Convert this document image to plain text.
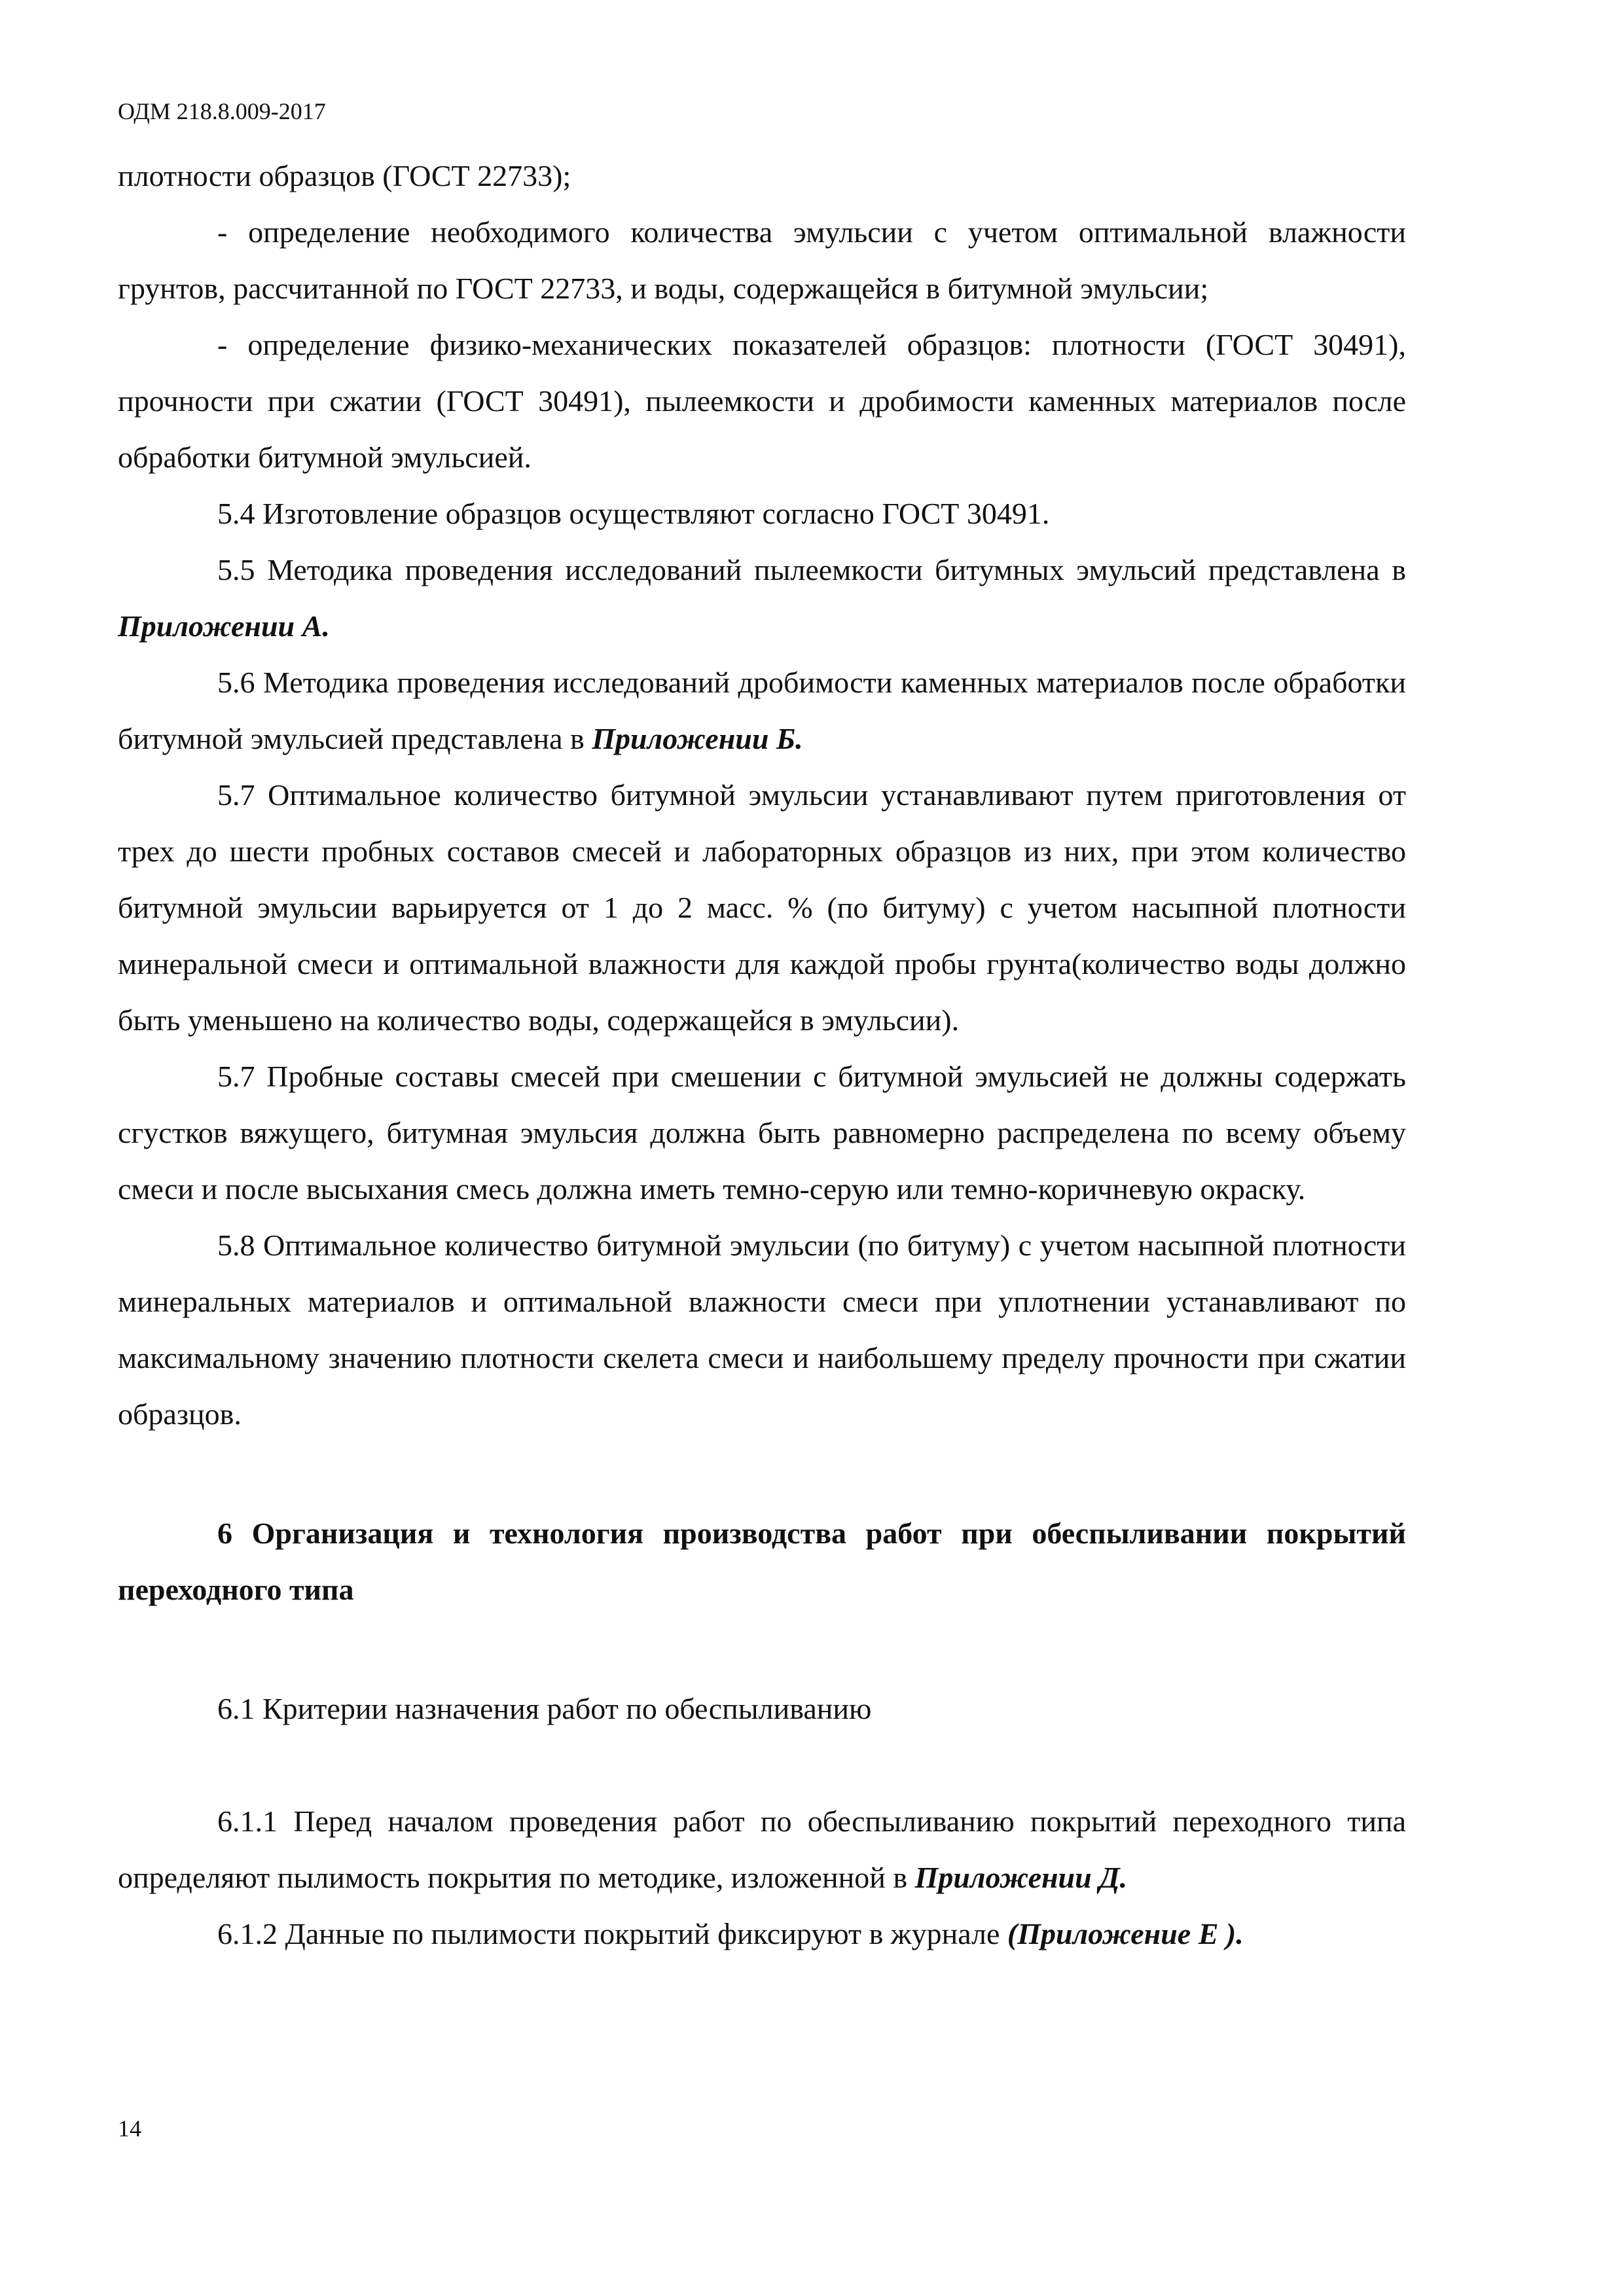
ОДМ 218.8.009-2017

плотности образцов (ГОСТ 22733);

- определение необходимого количества эмульсии с учетом оптимальной влажности грунтов, рассчитанной по ГОСТ 22733, и воды, содержащейся в битумной эмульсии;

- определение физико-механических показателей образцов: плотности (ГОСТ 30491), прочности при сжатии (ГОСТ 30491), пылеемкости и дробимости каменных материалов после обработки битумной эмульсией.

5.4 Изготовление образцов осуществляют согласно ГОСТ 30491.

5.5 Методика проведения исследований пылеемкости битумных эмульсий представлена в Приложении А.

5.6 Методика проведения исследований дробимости каменных материалов после обработки битумной эмульсией представлена в Приложении Б.

5.7 Оптимальное количество битумной эмульсии устанавливают путем приготовления от трех до шести пробных составов смесей и лабораторных образцов из них, при этом количество битумной эмульсии варьируется от 1 до 2 масс. % (по битуму) с учетом насыпной плотности минеральной смеси и оптимальной влажности для каждой пробы грунта(количество воды должно быть уменьшено на количество воды, содержащейся в эмульсии).

5.7 Пробные составы смесей при смешении с битумной эмульсией не должны содержать сгустков вяжущего, битумная эмульсия должна быть равномерно распределена по всему объему смеси и после высыхания смесь должна иметь темно-серую или темно-коричневую окраску.

5.8 Оптимальное количество битумной эмульсии (по битуму) с учетом насыпной плотности минеральных материалов и оптимальной влажности смеси при уплотнении устанавливают по максимальному значению плотности скелета смеси и наибольшему пределу прочности при сжатии образцов.

6 Организация и технология производства работ при обеспыливании покрытий переходного типа

6.1 Критерии назначения работ по обеспыливанию

6.1.1 Перед началом проведения работ по обеспыливанию покрытий переходного типа определяют пылимость покрытия по методике, изложенной в Приложении Д.

6.1.2 Данные по пылимости покрытий фиксируют в журнале (Приложение Е ).

14
